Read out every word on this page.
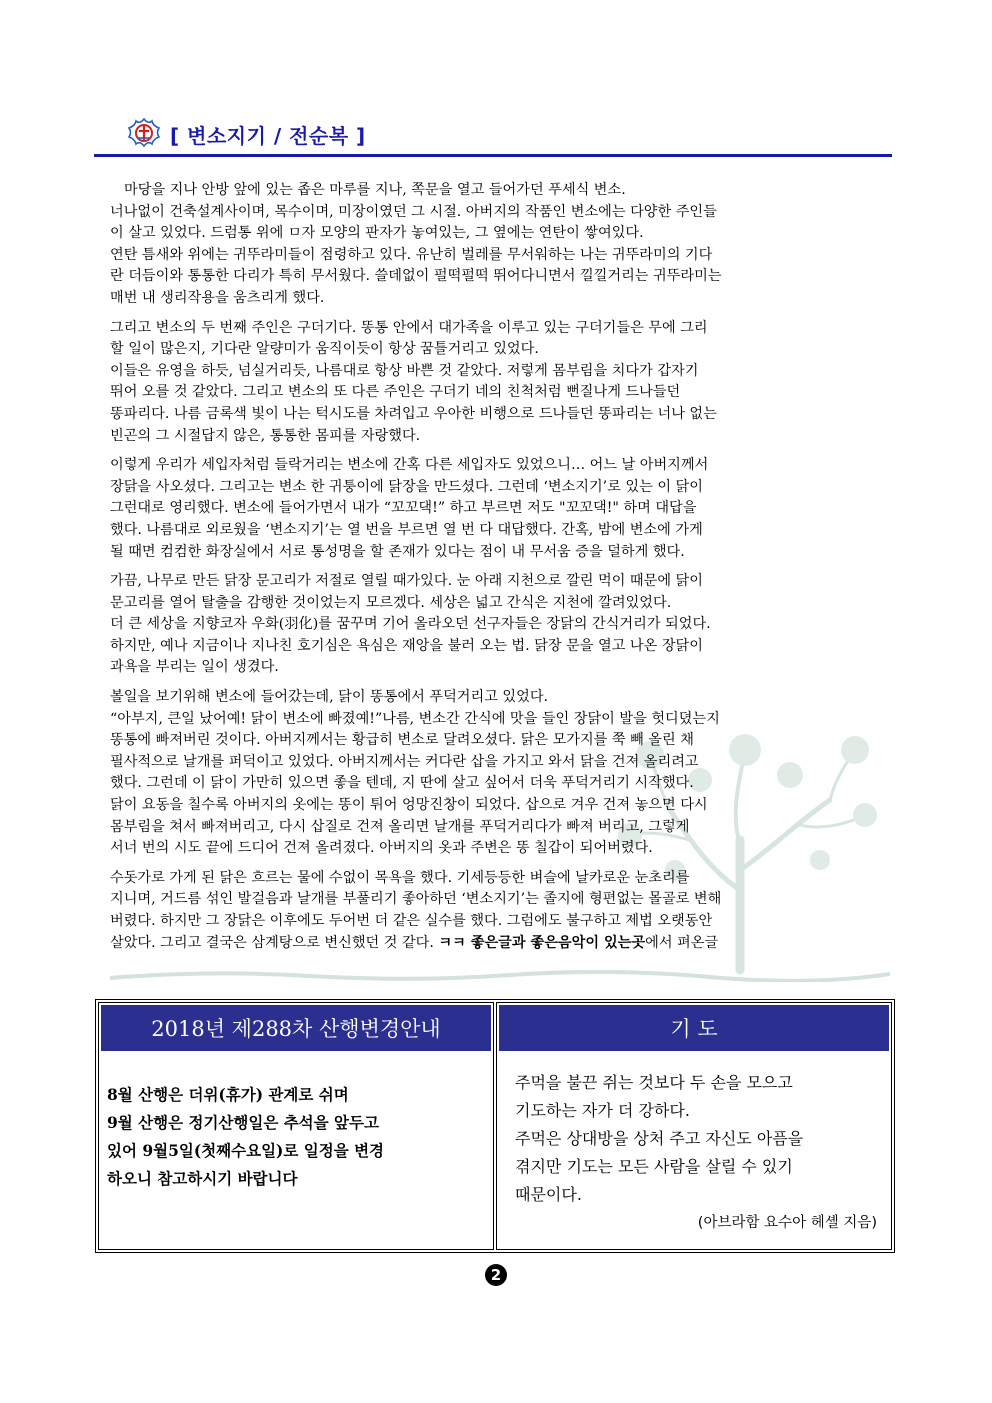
[ 변소지기 / 전순복 ]

마당을 지나 안방 앞에 있는 좁은 마루를 지나, 쪽문을 열고 들어가던 푸세식 변소.
너나없이 건축설계사이며, 목수이며, 미장이였던 그 시절. 아버지의 작품인 변소에는 다양한 주인들
이 살고 있었다. 드럼통 위에 ㅁ자 모양의 판자가 놓여있는, 그 옆에는 연탄이 쌓여있다.
연탄 틈새와 위에는 귀뚜라미들이 점령하고 있다. 유난히 벌레를 무서워하는 나는 귀뚜라미의 기다
란 더듬이와 통통한 다리가 특히 무서웠다. 쓸데없이 펄떡펄떡 뛰어다니면서 낄낄거리는 귀뚜라미는
매번 내 생리작용을 움츠리게 했다.

그리고 변소의 두 번째 주인은 구더기다. 똥통 안에서 대가족을 이루고 있는 구더기들은 무에 그리
할 일이 많은지, 기다란 알량미가 움직이듯이 항상 꿈틀거리고 있었다.
이들은 유영을 하듯, 넘실거리듯, 나름대로 항상 바쁜 것 같았다. 저렇게 몸부림을 치다가 갑자기
뛰어 오를 것 같았다. 그리고 변소의 또 다른 주인은 구더기 네의 친척처럼 뻔질나게 드나들던
똥파리다. 나름 금록색 빛이 나는 턱시도를 차려입고 우아한 비행으로 드나들던 똥파리는 너나 없는
빈곤의 그 시절답지 않은, 통통한 몸피를 자랑했다.

이렇게 우리가 세입자처럼 들락거리는 변소에 간혹 다른 세입자도 있었으니… 어느 날 아버지께서
장닭을 사오셨다. 그리고는 변소 한 귀퉁이에 닭장을 만드셨다. 그런데 ‘변소지기’로 있는 이 닭이
그런대로 영리했다. 변소에 들어가면서 내가 “꼬꼬댁!” 하고 부르면 저도 "꼬꼬댁!" 하며 대답을
했다. 나름대로 외로웠을 ‘변소지기’는 열 번을 부르면 열 번 다 대답했다. 간혹, 밤에 변소에 가게
될 때면 컴컴한 화장실에서 서로 통성명을 할 존재가 있다는 점이 내 무서움 증을 덜하게 했다.

가끔, 나무로 만든 닭장 문고리가 저절로 열릴 때가있다. 눈 아래 지천으로 깔린 먹이 때문에 닭이
문고리를 열어 탈출을 감행한 것이었는지 모르겠다. 세상은 넓고 간식은 지천에 깔려있었다.
더 큰 세상을 지향코자 우화(羽化)를 꿈꾸며 기어 올라오던 선구자들은 장닭의 간식거리가 되었다.
하지만, 예나 지금이나 지나친 호기심은 욕심은 재앙을 불러 오는 법. 닭장 문을 열고 나온 장닭이
과욕을 부리는 일이 생겼다.

볼일을 보기위해 변소에 들어갔는데, 닭이 똥통에서 푸덕거리고 있었다.
“아부지, 큰일 났어예! 닭이 변소에 빠졌예!”나름, 변소간 간식에 맛을 들인 장닭이 발을 헛디뎠는지
똥통에 빠져버린 것이다. 아버지께서는 황급히 변소로 달려오셨다. 닭은 모가지를 쭉 빼 올린 채
필사적으로 날개를 퍼덕이고 있었다. 아버지께서는 커다란 삽을 가지고 와서 닭을 건져 올리려고
했다. 그런데 이 닭이 가만히 있으면 좋을 텐데, 지 딴에 살고 싶어서 더욱 푸덕거리기 시작했다.
닭이 요동을 칠수록 아버지의 옷에는 똥이 튀어 엉망진창이 되었다. 삽으로 겨우 건져 놓으면 다시
몸부림을 쳐서 빠져버리고, 다시 삽질로 건져 올리면 날개를 푸덕거리다가 빠져 버리고, 그렇게
서너 번의 시도 끝에 드디어 건져 올려졌다. 아버지의 옷과 주변은 똥 칠갑이 되어버렸다.

수돗가로 가게 된 닭은 흐르는 물에 수없이 목욕을 했다. 기세등등한 벼슬에 날카로운 눈초리를
지니며, 거드름 섞인 발걸음과 날개를 부풀리기 좋아하던 ‘변소지기’는 졸지에 형편없는 몰골로 변해
버렸다. 하지만 그 장닭은 이후에도 두어번 더 같은 실수를 했다. 그럼에도 불구하고 제법 오랫동안
살았다. 그리고 결국은 삼계탕으로 변신했던 것 같다. ㅋㅋ 좋은글과 좋은음악이 있는곳에서 펴온글

2018년 제288차 산행변경안내
8월 산행은 더위(휴가) 관계로 쉬며
9월 산행은 정기산행일은 추석을 앞두고
있어 9월5일(첫째수요일)로 일정을 변경
하오니 참고하시기 바랍니다
기 도
주먹을 불끈 쥐는 것보다 두 손을 모으고
기도하는 자가 더 강하다.
주먹은 상대방을 상처 주고 자신도 아픔을
겪지만 기도는 모든 사람을 살릴 수 있기
때문이다.
(아브라함 요수아 헤셸 지음)
2
